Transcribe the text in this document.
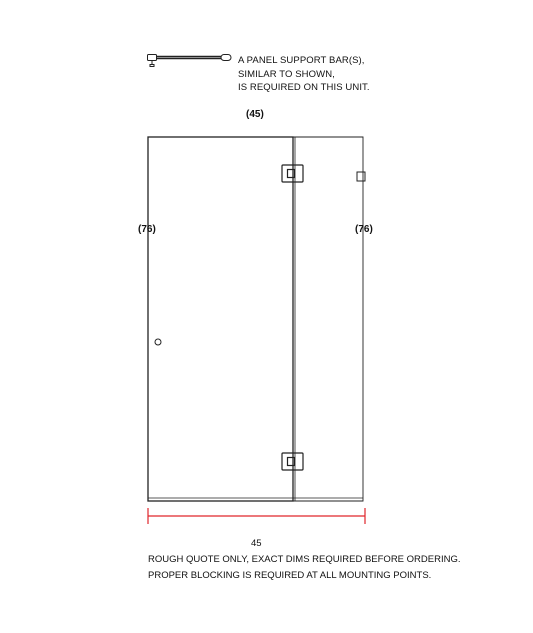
A PANEL SUPPORT BAR(S),
SIMILAR TO SHOWN,
IS REQUIRED ON THIS UNIT.
(45)
(76)	(76)
45
ROUGH QUOTE ONLY, EXACT DIMS REQUIRED BEFORE ORDERING.
PROPER BLOCKING IS REQUIRED AT ALL MOUNTING POINTS.
